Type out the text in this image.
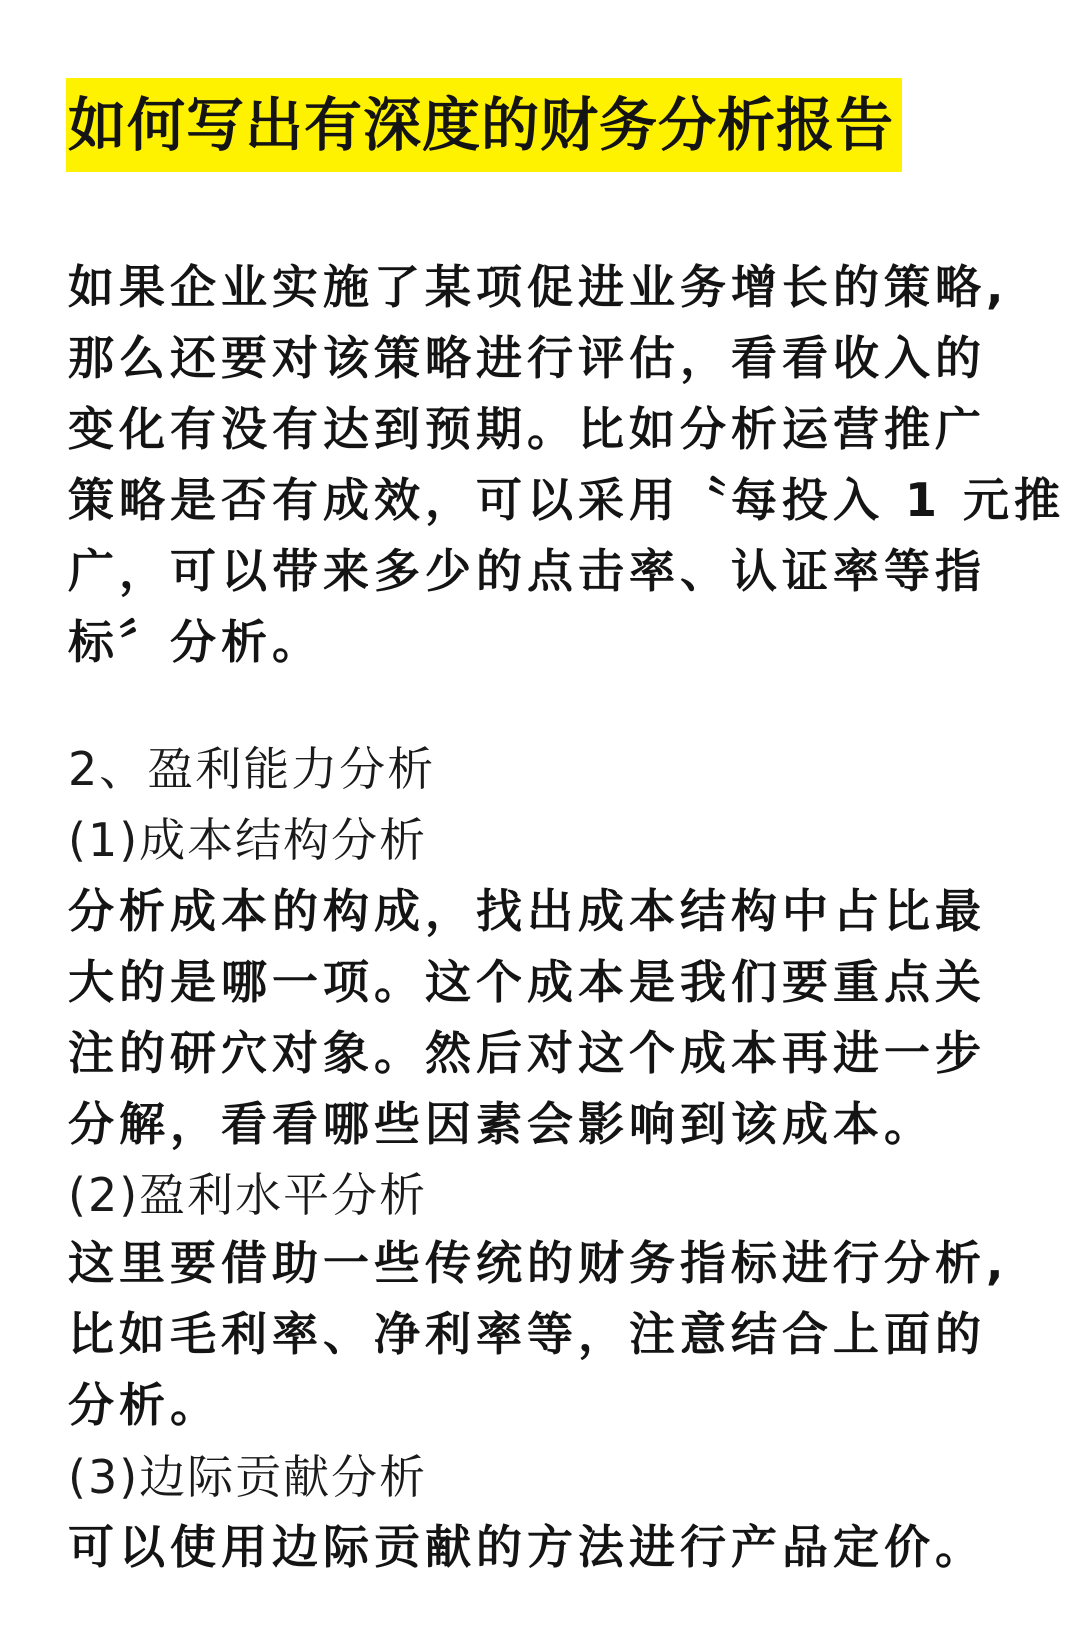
如何写出有深度的财务分析报告
如果企业实施了某项促进业务增长的策略,
那么还要对该策略进行评估，看看收入的
变化有没有达到预期。比如分析运营推广
策略是否有成效，可以采用〝每投入 1 元推
广，可以带来多少的点击率、认证率等指
标〞分析。
2、盈利能力分析
(1)成本结构分析
分析成本的构成，找出成本结构中占比最
大的是哪一项。这个成本是我们要重点关
注的研穴对象。然后对这个成本再进一步
分解，看看哪些因素会影响到该成本。
(2)盈利水平分析
这里要借助一些传统的财务指标进行分析,
比如毛利率、净利率等，注意结合上面的
分析。
(3)边际贡献分析
可以使用边际贡献的方法进行产品定价。
